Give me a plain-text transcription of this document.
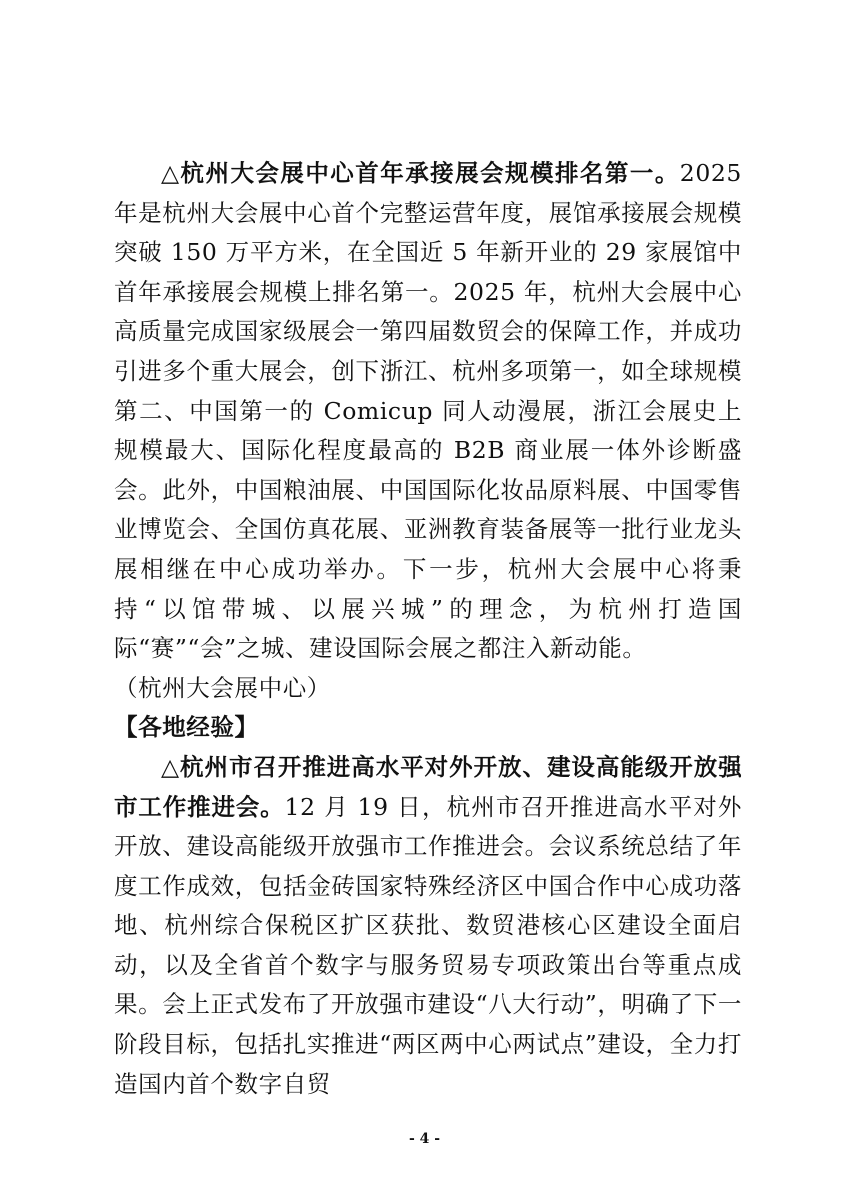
△杭州大会展中心首年承接展会规模排名第一。2025 年是杭州大会展中心首个完整运营年度，展馆承接展会规模突破 150 万平方米，在全国近 5 年新开业的 29 家展馆中首年承接展会规模上排名第一。2025 年，杭州大会展中心高质量完成国家级展会一第四届数贸会的保障工作，并成功引进多个重大展会，创下浙江、杭州多项第一，如全球规模第二、中国第一的 Comicup 同人动漫展，浙江会展史上规模最大、国际化程度最高的 B2B 商业展一体外诊断盛会。此外，中国粮油展、中国国际化妆品原料展、中国零售业博览会、全国仿真花展、亚洲教育装备展等一批行业龙头展相继在中心成功举办。下一步，杭州大会展中心将秉持“以馆带城、以展兴城”的理念，为杭州打造国际“赛”“会”之城、建设国际会展之都注入新动能。

（杭州大会展中心）

【各地经验】

△杭州市召开推进高水平对外开放、建设高能级开放强市工作推进会。12 月 19 日，杭州市召开推进高水平对外开放、建设高能级开放强市工作推进会。会议系统总结了年度工作成效，包括金砖国家特殊经济区中国合作中心成功落地、杭州综合保税区扩区获批、数贸港核心区建设全面启动，以及全省首个数字与服务贸易专项政策出台等重点成果。会上正式发布了开放强市建设“八大行动”，明确了下一阶段目标，包括扎实推进“两区两中心两试点”建设，全力打造国内首个数字自贸

- 4 -
